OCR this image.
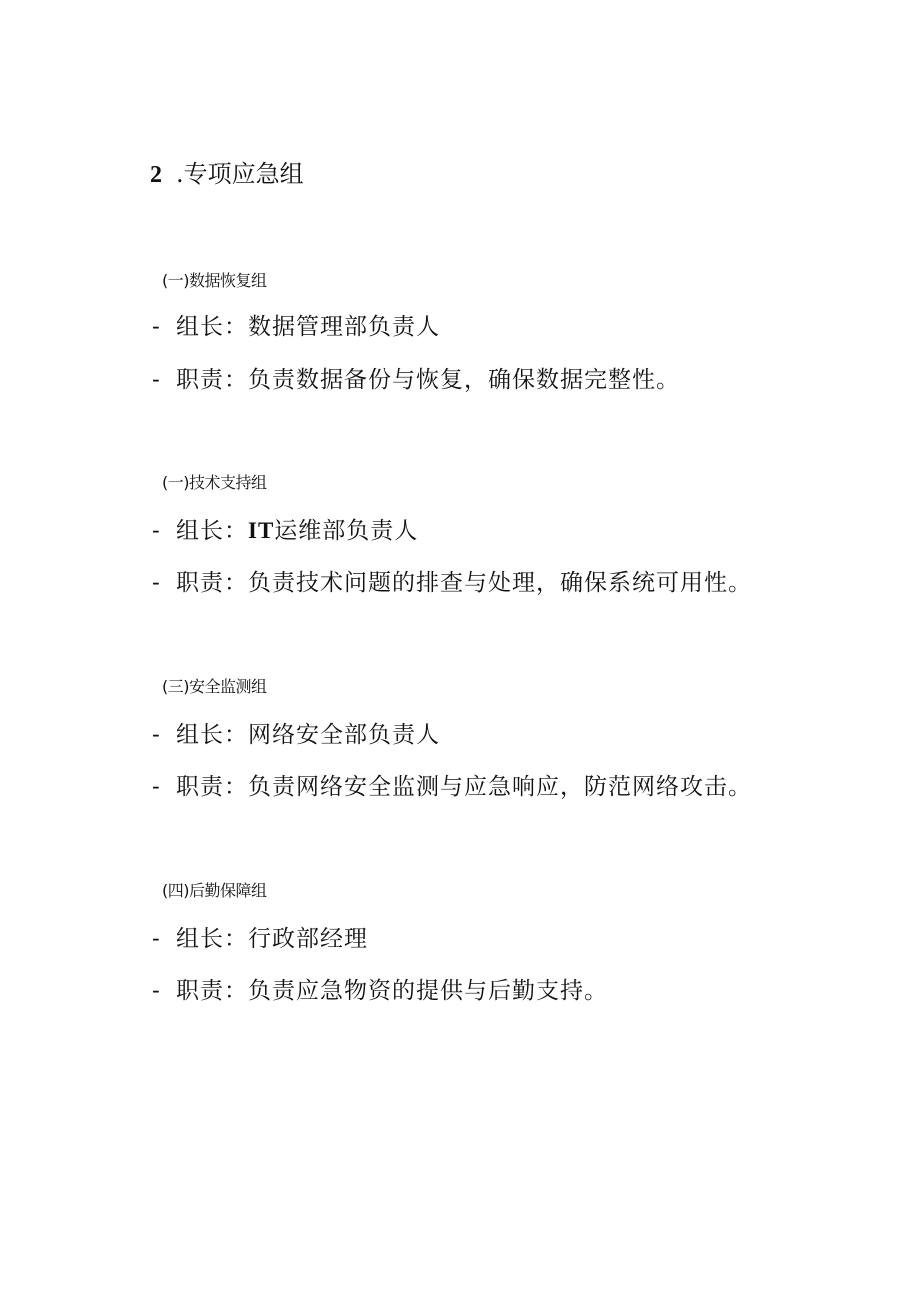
2 .专项应急组
(一)数据恢复组
- 组长：数据管理部负责人
- 职责：负责数据备份与恢复，确保数据完整性。
(一)技术支持组
- 组长：IT运维部负责人
- 职责：负责技术问题的排查与处理，确保系统可用性。
(三)安全监测组
- 组长：网络安全部负责人
- 职责：负责网络安全监测与应急响应，防范网络攻击。
(四)后勤保障组
- 组长：行政部经理
- 职责：负责应急物资的提供与后勤支持。
